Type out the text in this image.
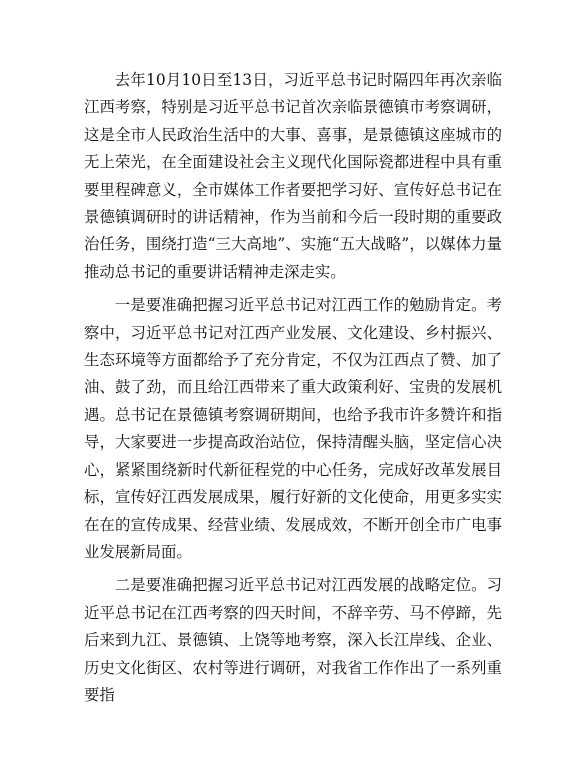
去年10月10日至13日，习近平总书记时隔四年再次亲临江西考察，特别是习近平总书记首次亲临景德镇市考察调研，这是全市人民政治生活中的大事、喜事，是景德镇这座城市的无上荣光，在全面建设社会主义现代化国际瓷都进程中具有重要里程碑意义，全市媒体工作者要把学习好、宣传好总书记在景德镇调研时的讲话精神，作为当前和今后一段时期的重要政治任务，围绕打造“三大高地”、实施“五大战略”，以媒体力量推动总书记的重要讲话精神走深走实。

一是要准确把握习近平总书记对江西工作的勉励肯定。考察中，习近平总书记对江西产业发展、文化建设、乡村振兴、生态环境等方面都给予了充分肯定，不仅为江西点了赞、加了油、鼓了劲，而且给江西带来了重大政策利好、宝贵的发展机遇。总书记在景德镇考察调研期间，也给予我市许多赞许和指导，大家要进一步提高政治站位，保持清醒头脑，坚定信心决心，紧紧围绕新时代新征程党的中心任务，完成好改革发展目标，宣传好江西发展成果，履行好新的文化使命，用更多实实在在的宣传成果、经营业绩、发展成效，不断开创全市广电事业发展新局面。

二是要准确把握习近平总书记对江西发展的战略定位。习近平总书记在江西考察的四天时间，不辞辛劳、马不停蹄，先后来到九江、景德镇、上饶等地考察，深入长江岸线、企业、历史文化街区、农村等进行调研，对我省工作作出了一系列重要指
